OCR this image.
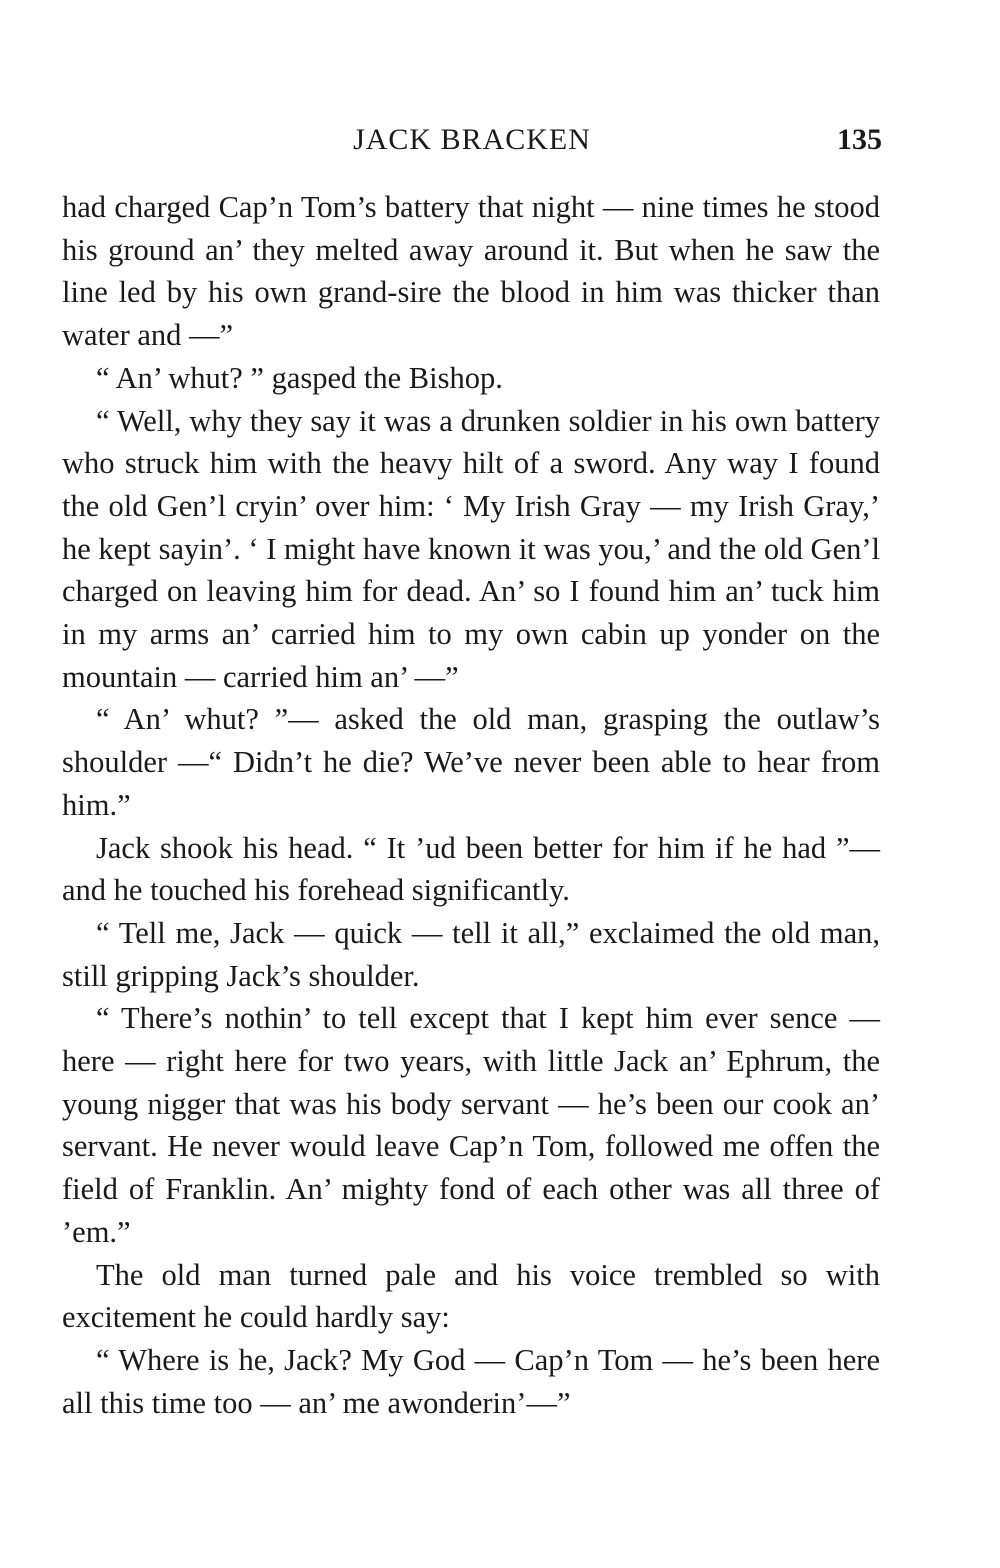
JACK BRACKEN	135

had charged Cap’n Tom’s battery that night — nine times he stood his ground an’ they melted away around it. But when he saw the line led by his own grand-sire the blood in him was thicker than water and —”

“ An’ whut? ” gasped the Bishop.

“ Well, why they say it was a drunken soldier in his own battery who struck him with the heavy hilt of a sword. Any way I found the old Gen’l cryin’ over him: ‘ My Irish Gray — my Irish Gray,’ he kept sayin’. ‘ I might have known it was you,’ and the old Gen’l charged on leaving him for dead. An’ so I found him an’ tuck him in my arms an’ carried him to my own cabin up yonder on the mountain — carried him an’ —”

“ An’ whut? ”— asked the old man, grasping the outlaw’s shoulder —“ Didn’t he die? We’ve never been able to hear from him.”

Jack shook his head. “ It ’ud been better for him if he had ”— and he touched his forehead significantly.

“ Tell me, Jack — quick — tell it all,” exclaimed the old man, still gripping Jack’s shoulder.

“ There’s nothin’ to tell except that I kept him ever sence — here — right here for two years, with little Jack an’ Ephrum, the young nigger that was his body servant — he’s been our cook an’ servant. He never would leave Cap’n Tom, followed me offen the field of Franklin. An’ mighty fond of each other was all three of ’em.”

The old man turned pale and his voice trembled so with excitement he could hardly say:

“ Where is he, Jack? My God — Cap’n Tom — he’s been here all this time too — an’ me awonderin’—”
